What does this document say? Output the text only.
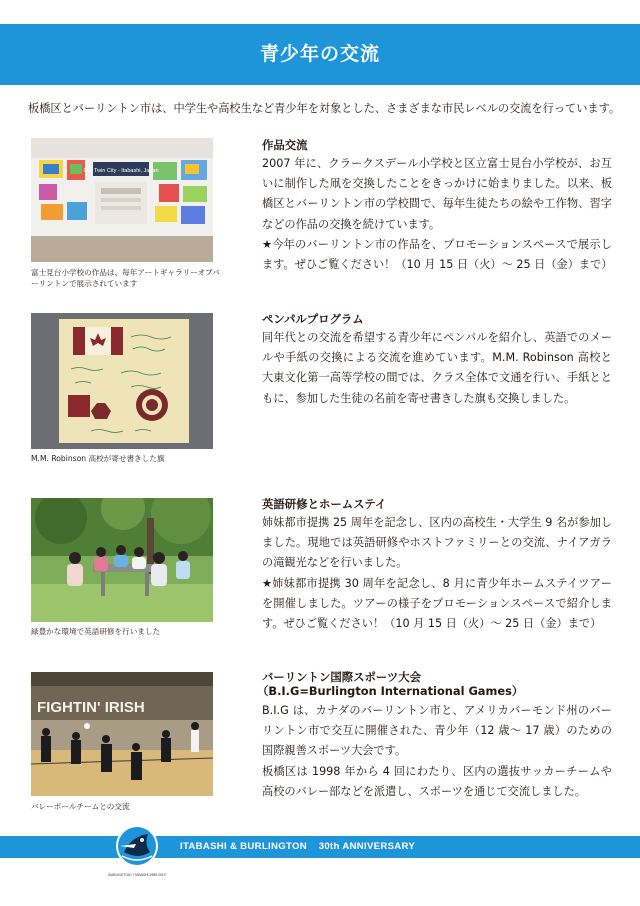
青少年の交流
板橋区とバーリントン市は、中学生や高校生など青少年を対象とした、さまざまな市民レベルの交流を行っています。
Our Twin City - Itabashi, Japan
富士見台小学校の作品は、毎年アートギャラリーオブバーリントンで展示されています
作品交流

2007 年に、クラークスデール小学校と区立富士見台小学校が、お互いに制作した凧を交換したことをきっかけに始まりました。以来、板橋区とバーリントン市の学校間で、毎年生徒たちの絵や工作物、習字などの作品の交換を続けています。

★今年のバーリントン市の作品を、プロモーションスペースで展示します。ぜひご覧ください！（10 月 15 日（火）～ 25 日（金）まで）

M.M. Robinson 高校が寄せ書きした旗
ペンパルプログラム

同年代との交流を希望する青少年にペンパルを紹介し、英語でのメールや手紙の交換による交流を進めています。M.M. Robinson 高校と大東文化第一高等学校の間では、クラス全体で文通を行い、手紙とともに、参加した生徒の名前を寄せ書きした旗も交換しました。

緑豊かな環境で英語研修を行いました
英語研修とホームステイ

姉妹都市提携 25 周年を記念し、区内の高校生・大学生 9 名が参加しました。現地では英語研修やホストファミリーとの交流、ナイアガラの滝観光などを行いました。

★姉妹都市提携 30 周年を記念し、8 月に青少年ホームステイツアーを開催しました。ツアーの様子をプロモーションスペースで紹介します。ぜひご覧ください！（10 月 15 日（火）～ 25 日（金）まで）

FIGHTIN' IRISH
バレーボールチームとの交流
バーリントン国際スポーツ大会
（B.I.G=Burlington International Games）

B.I.G は、カナダのバーリントン市と、アメリカバーモンド州のバーリントン市で交互に開催された、青少年（12 歳～ 17 歳）のための国際親善スポーツ大会です。

板橋区は 1998 年から 4 回にわたり、区内の選抜サッカーチームや高校のバレー部などを派遣し、スポーツを通じて交流しました。

ITABASHI & BURLINGTON    30th ANNIVERSARY
BURLINGTON / ITABASHI 1989-2019
